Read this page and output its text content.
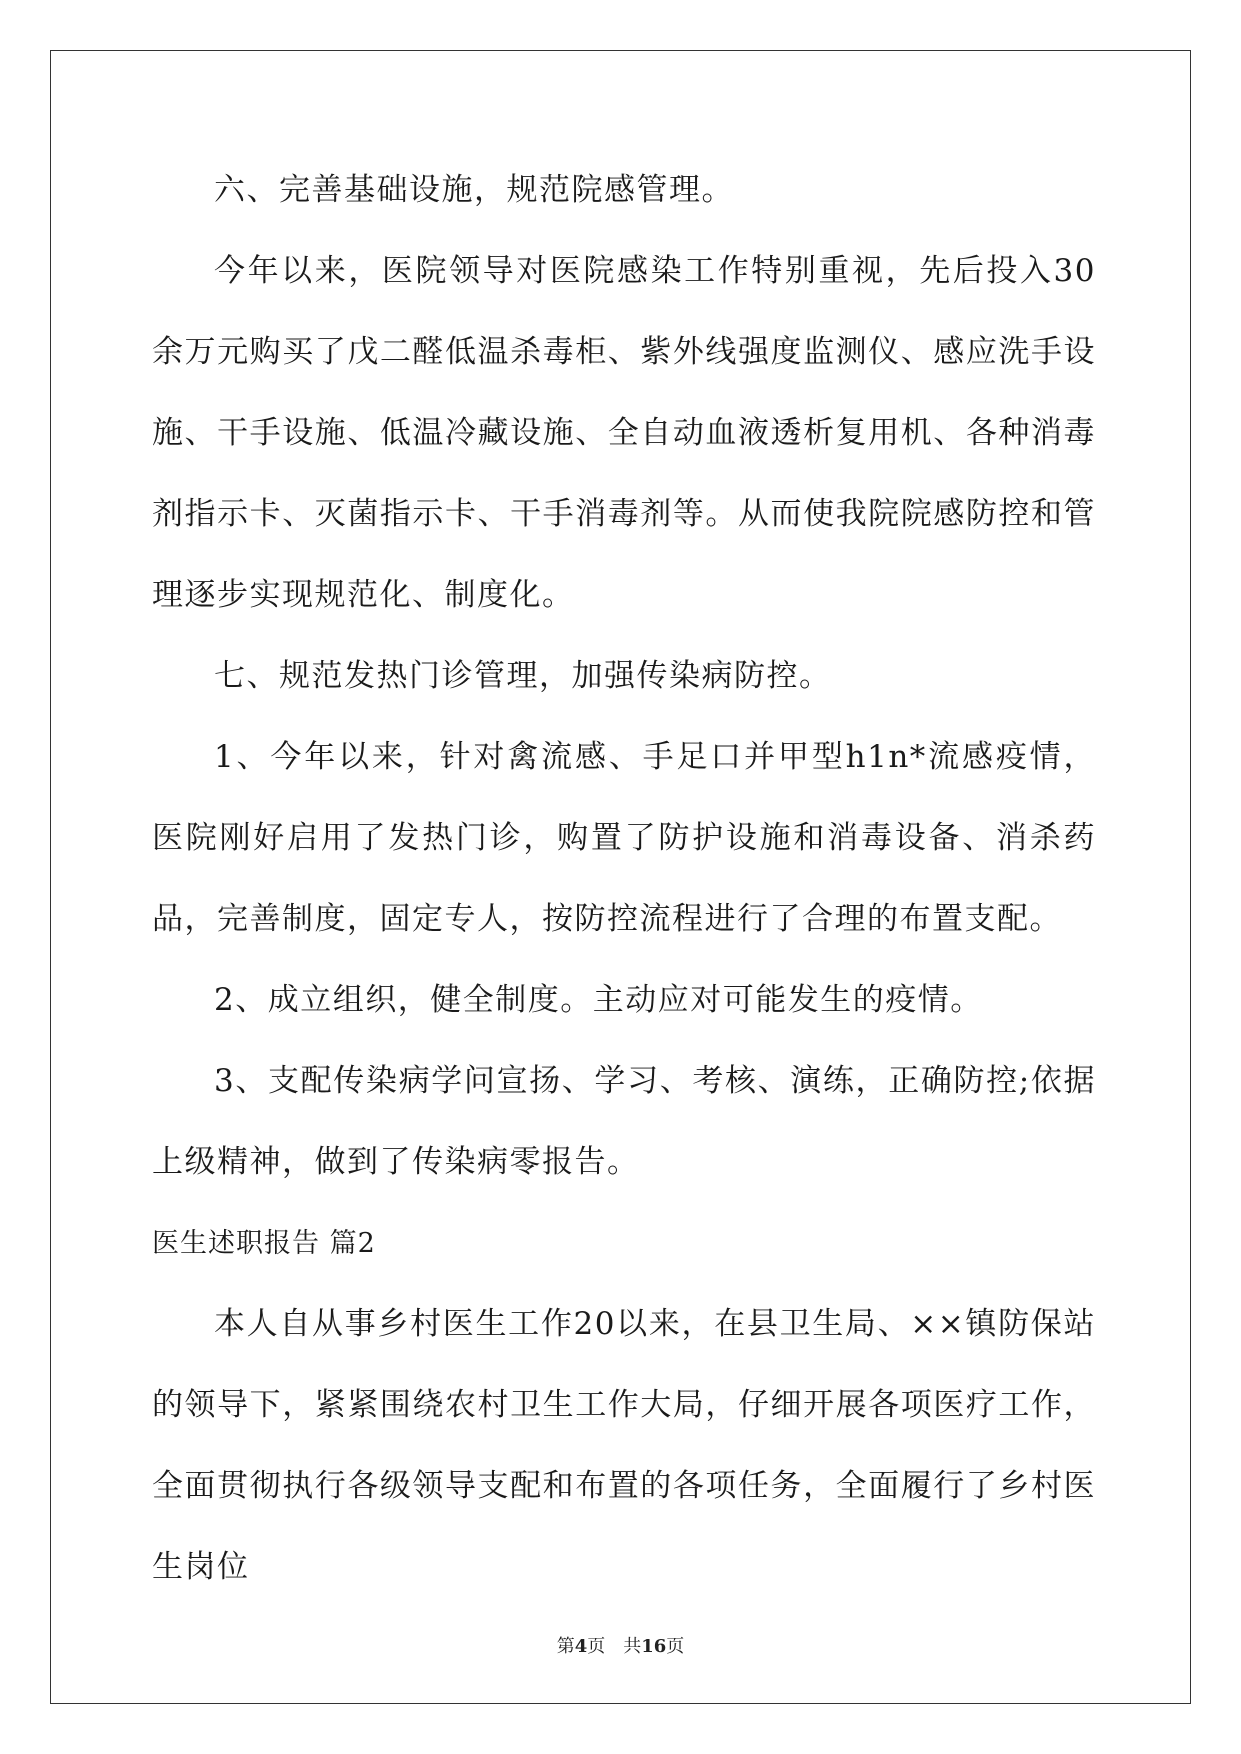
六、完善基础设施，规范院感管理。

今年以来，医院领导对医院感染工作特别重视，先后投入30余万元购买了戊二醛低温杀毒柜、紫外线强度监测仪、感应洗手设施、干手设施、低温冷藏设施、全自动血液透析复用机、各种消毒剂指示卡、灭菌指示卡、干手消毒剂等。从而使我院院感防控和管理逐步实现规范化、制度化。

七、规范发热门诊管理，加强传染病防控。

1、今年以来，针对禽流感、手足口并甲型h1n*流感疫情，医院刚好启用了发热门诊，购置了防护设施和消毒设备、消杀药品，完善制度，固定专人，按防控流程进行了合理的布置支配。

2、成立组织，健全制度。主动应对可能发生的疫情。

3、支配传染病学问宣扬、学习、考核、演练，正确防控;依据上级精神，做到了传染病零报告。

医生述职报告 篇2

本人自从事乡村医生工作20以来，在县卫生局、××镇防保站的领导下，紧紧围绕农村卫生工作大局，仔细开展各项医疗工作，全面贯彻执行各级领导支配和布置的各项任务，全面履行了乡村医生岗位

第4页　共16页
